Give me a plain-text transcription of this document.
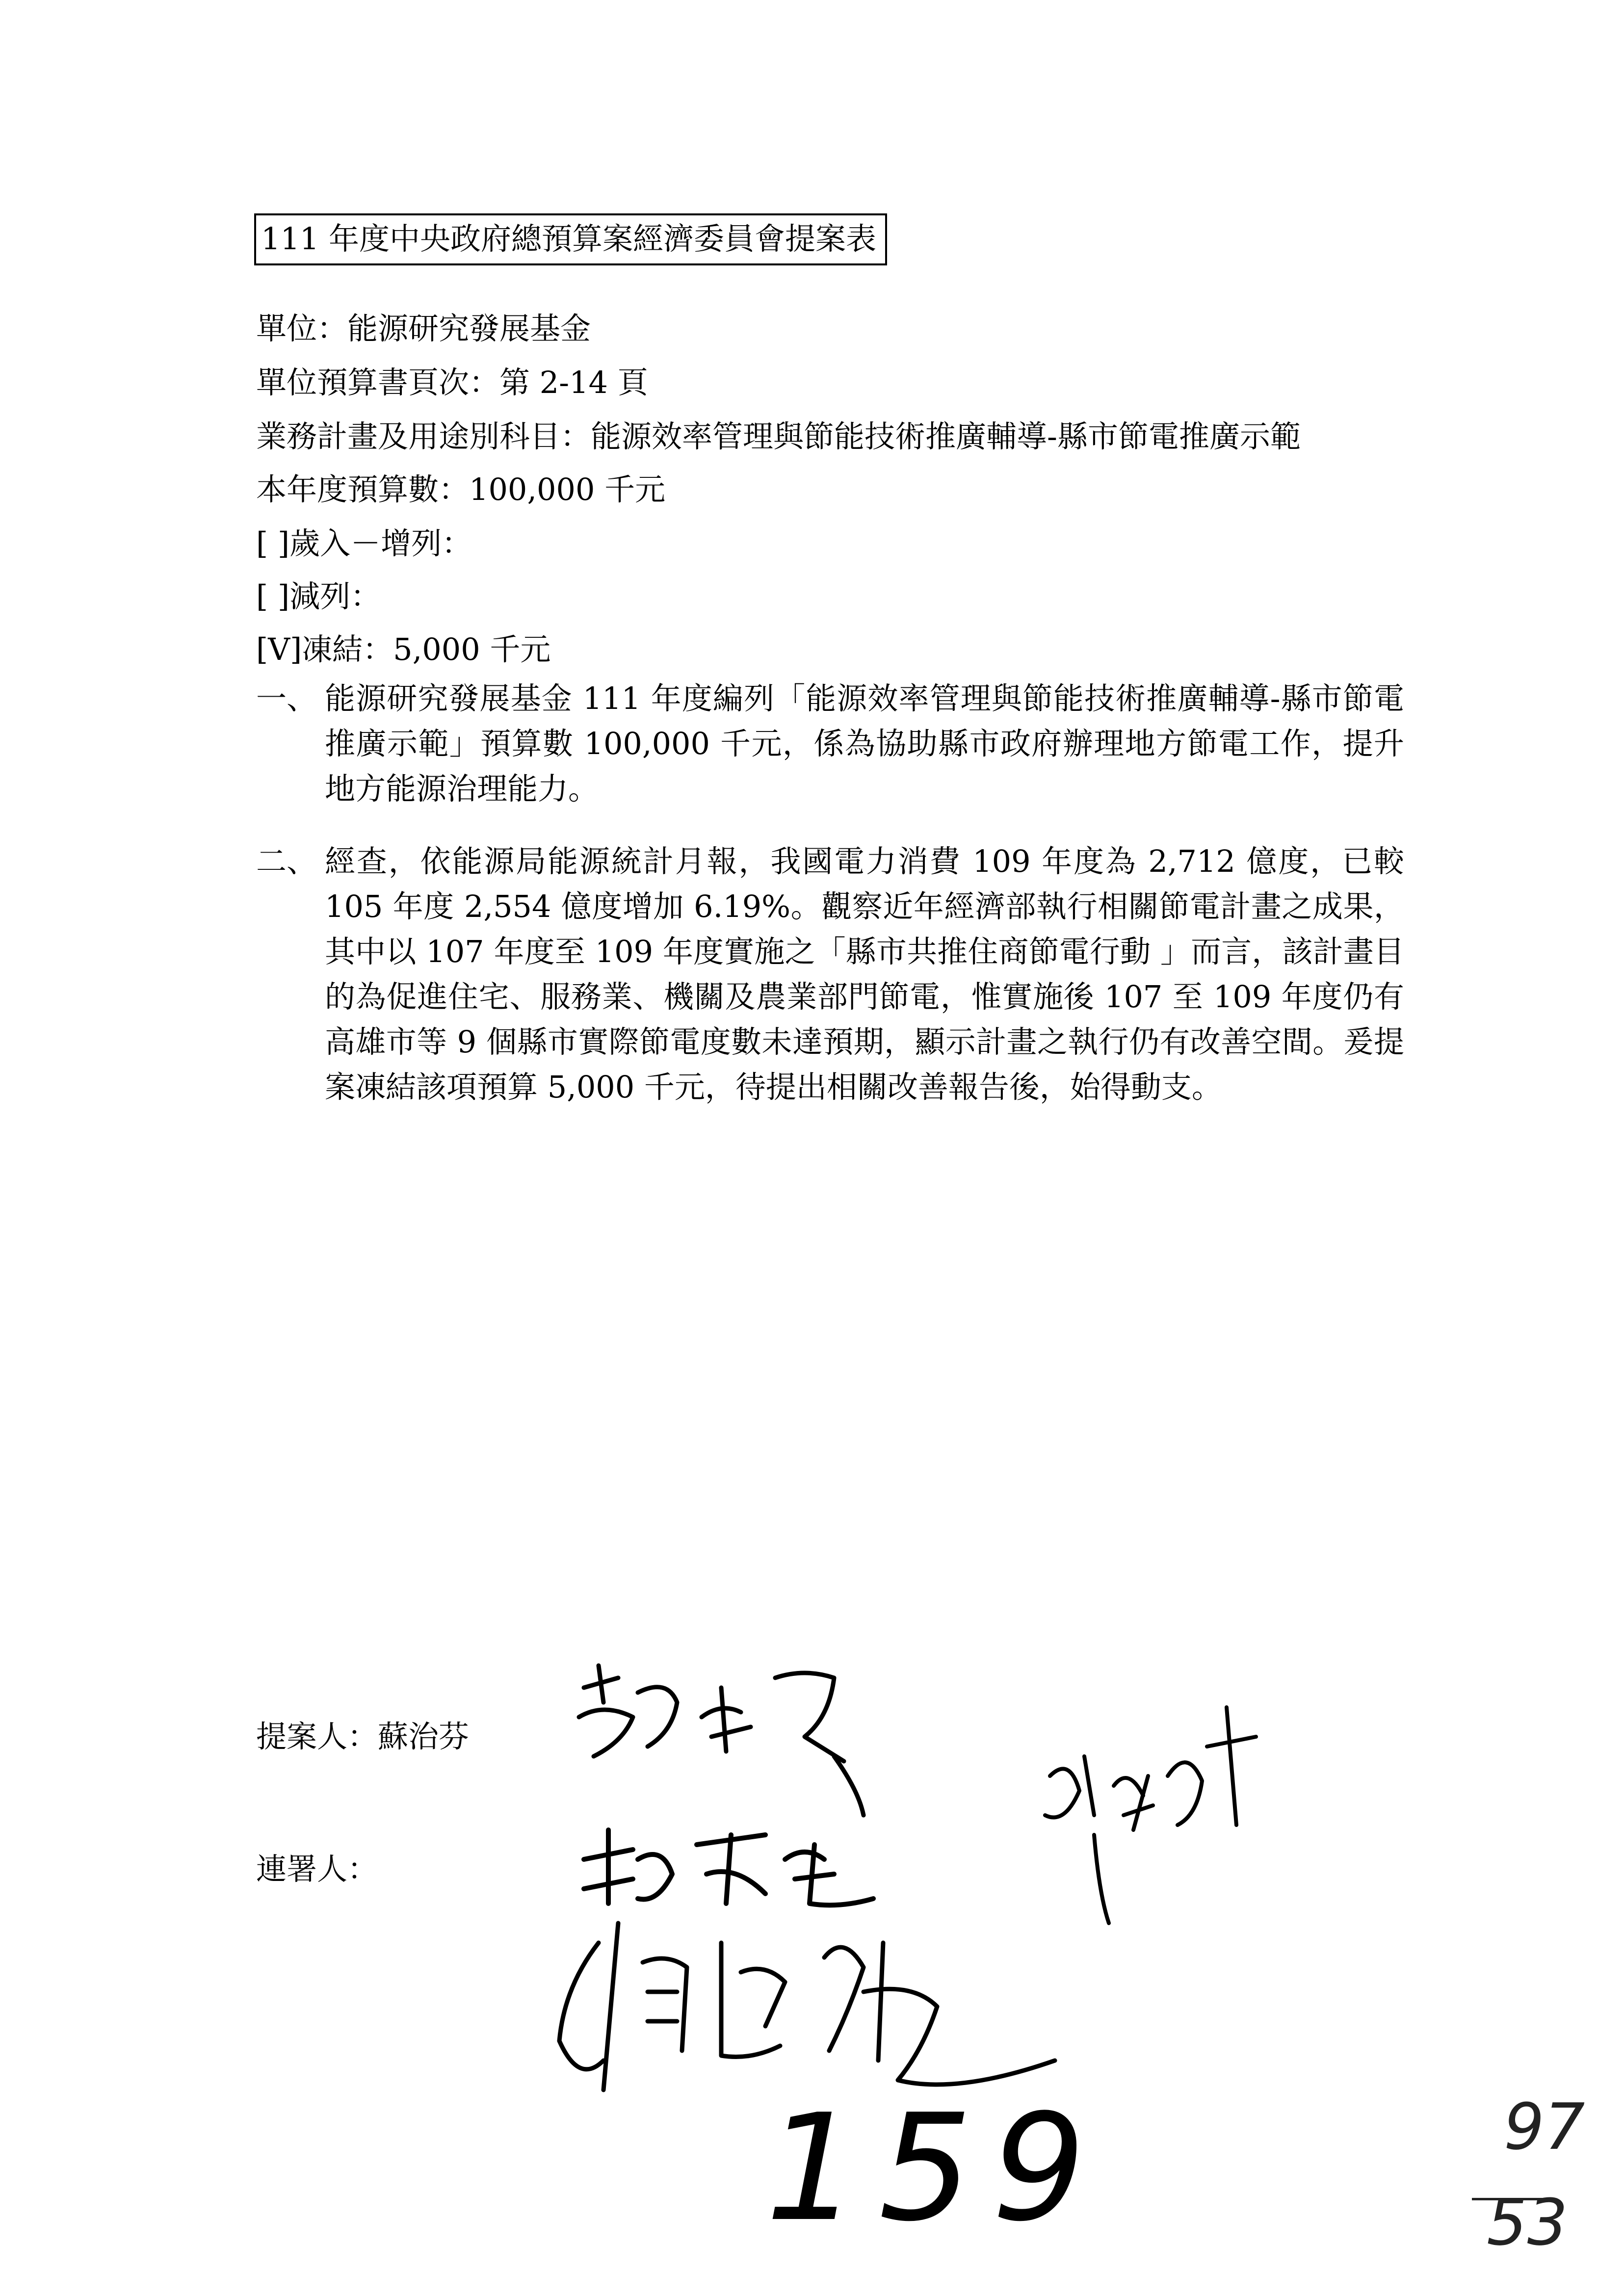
111 年度中央政府總預算案經濟委員會提案表
單位：能源研究發展基金
單位預算書頁次：第 2-14 頁
業務計畫及用途別科目：能源效率管理與節能技術推廣輔導-縣市節電推廣示範
本年度預算數：100,000 千元
[ ]歲入－增列：
[ ]減列：
[V]凍結：5,000 千元
一、 能源研究發展基金 111 年度編列「能源效率管理與節能技術推廣輔導-縣市節電推廣示範」預算數 100,000 千元，係為協助縣市政府辦理地方節電工作，提升地方能源治理能力。
二、 經查，依能源局能源統計月報，我國電力消費 109 年度為 2,712 億度，已較 105 年度 2,554 億度增加 6.19%。觀察近年經濟部執行相關節電計畫之成果，其中以 107 年度至 109 年度實施之「縣市共推住商節電行動 」而言，該計畫目的為促進住宅、服務業、機關及農業部門節電，惟實施後 107 至 109 年度仍有高雄市等 9 個縣市實際節電度數未達預期，顯示計畫之執行仍有改善空間。爰提案凍結該項預算 5,000 千元，待提出相關改善報告後，始得動支。
提案人：蘇治芬
連署人：
159	97
53
